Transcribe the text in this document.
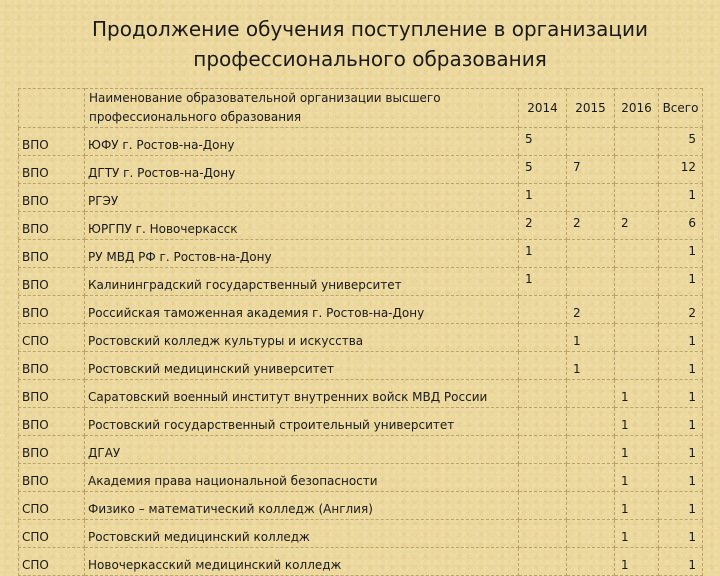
Продолжение обучения поступление в организации
профессионального образования
	Наименование образовательной организации высшего профессионального образования	2014	2015	2016	Всего
ВПО	ЮФУ г. Ростов-на-Дону	5			5

ВПО	ДГТУ г. Ростов-на-Дону	5	7		12

ВПО	РГЭУ	1			1

ВПО	ЮРГПУ г. Новочеркасск	2	2	2	6

ВПО	РУ МВД РФ г. Ростов-на-Дону	1			1

ВПО	Калининградский государственный университет	1			1

ВПО	Российская таможенная академия г. Ростов-на-Дону		2		2

СПО	Ростовский колледж культуры и искусства		1		1

ВПО	Ростовский медицинский университет		1		1

ВПО	Саратовский военный институт внутренних войск МВД России			1	1

ВПО	Ростовский государственный строительный университет			1	1

ВПО	ДГАУ			1	1

ВПО	Академия права национальной безопасности			1	1

СПО	Физико – математический колледж (Англия)			1	1

СПО	Ростовский медицинский колледж			1	1

СПО	Новочеркасский медицинский колледж			1	1
